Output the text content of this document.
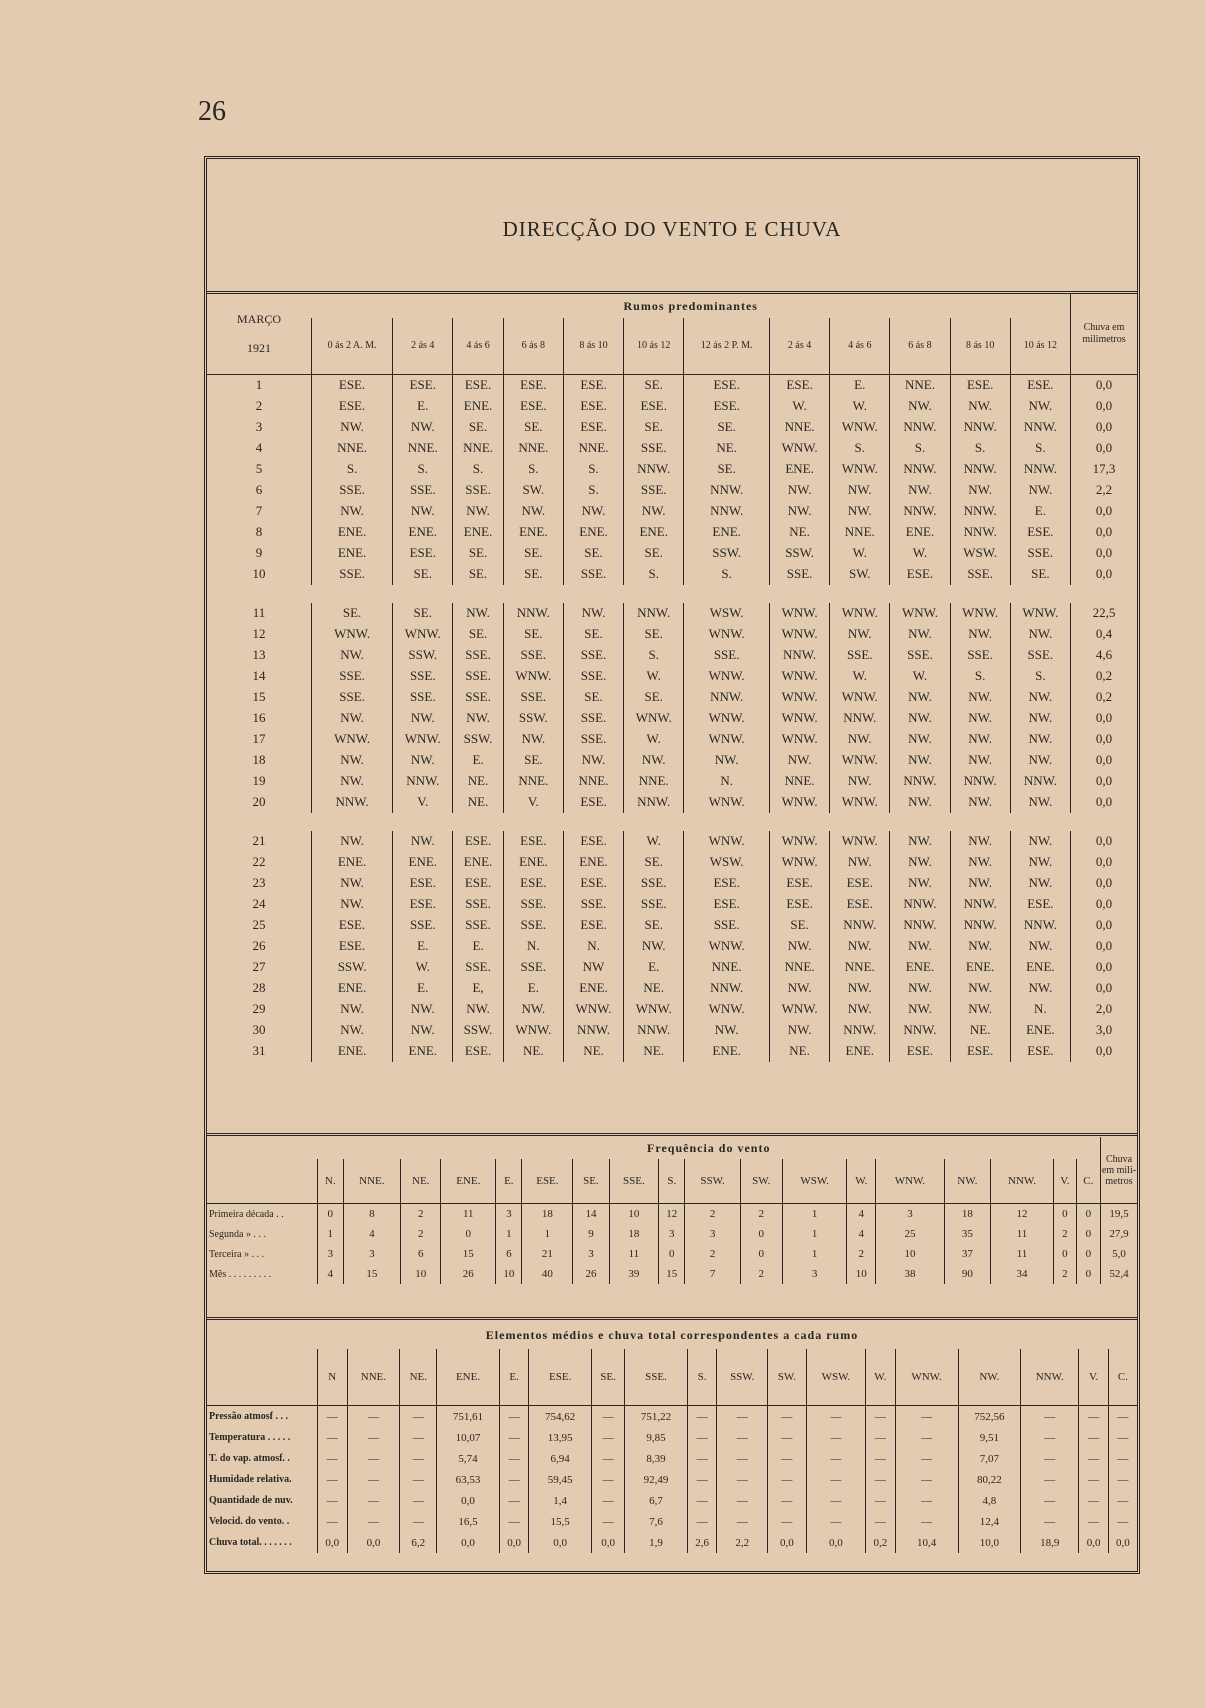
26
DIRECÇÃO DO VENTO E CHUVA
MARÇO
1921	Rumos predominantes												Chuva em milimetros
	0 ás 2 A. M.	2 ás 4	4 ás 6	6 ás 8	8 ás 10	10 ás 12	12 ás 2 P. M.	2 ás 4	4 ás 6	6 ás 8	8 ás 10	10 ás 12	
1	ESE.	ESE.	ESE.	ESE.	ESE.	SE.	ESE.	ESE.	E.	NNE.	ESE.	ESE.	0,0
2	ESE.	E.	ENE.	ESE.	ESE.	ESE.	ESE.	W.	W.	NW.	NW.	NW.	0,0
3	NW.	NW.	SE.	SE.	ESE.	SE.	SE.	NNE.	WNW.	NNW.	NNW.	NNW.	0,0
4	NNE.	NNE.	NNE.	NNE.	NNE.	SSE.	NE.	WNW.	S.	S.	S.	S.	0,0
5	S.	S.	S.	S.	S.	NNW.	SE.	ENE.	WNW.	NNW.	NNW.	NNW.	17,3
6	SSE.	SSE.	SSE.	SW.	S.	SSE.	NNW.	NW.	NW.	NW.	NW.	NW.	2,2
7	NW.	NW.	NW.	NW.	NW.	NW.	NNW.	NW.	NW.	NNW.	NNW.	E.	0,0
8	ENE.	ENE.	ENE.	ENE.	ENE.	ENE.	ENE.	NE.	NNE.	ENE.	NNW.	ESE.	0,0
9	ENE.	ESE.	SE.	SE.	SE.	SE.	SSW.	SSW.	W.	W.	WSW.	SSE.	0,0
10	SSE.	SE.	SE.	SE.	SSE.	S.	S.	SSE.	SW.	ESE.	SSE.	SE.	0,0

11	SE.	SE.	NW.	NNW.	NW.	NNW.	WSW.	WNW.	WNW.	WNW.	WNW.	WNW.	22,5
12	WNW.	WNW.	SE.	SE.	SE.	SE.	WNW.	WNW.	NW.	NW.	NW.	NW.	0,4
13	NW.	SSW.	SSE.	SSE.	SSE.	S.	SSE.	NNW.	SSE.	SSE.	SSE.	SSE.	4,6
14	SSE.	SSE.	SSE.	WNW.	SSE.	W.	WNW.	WNW.	W.	W.	S.	S.	0,2
15	SSE.	SSE.	SSE.	SSE.	SE.	SE.	NNW.	WNW.	WNW.	NW.	NW.	NW.	0,2
16	NW.	NW.	NW.	SSW.	SSE.	WNW.	WNW.	WNW.	NNW.	NW.	NW.	NW.	0,0
17	WNW.	WNW.	SSW.	NW.	SSE.	W.	WNW.	WNW.	NW.	NW.	NW.	NW.	0,0
18	NW.	NW.	E.	SE.	NW.	NW.	NW.	NW.	WNW.	NW.	NW.	NW.	0,0
19	NW.	NNW.	NE.	NNE.	NNE.	NNE.	N.	NNE.	NW.	NNW.	NNW.	NNW.	0,0
20	NNW.	V.	NE.	V.	ESE.	NNW.	WNW.	WNW.	WNW.	NW.	NW.	NW.	0,0

21	NW.	NW.	ESE.	ESE.	ESE.	W.	WNW.	WNW.	WNW.	NW.	NW.	NW.	0,0
22	ENE.	ENE.	ENE.	ENE.	ENE.	SE.	WSW.	WNW.	NW.	NW.	NW.	NW.	0,0
23	NW.	ESE.	ESE.	ESE.	ESE.	SSE.	ESE.	ESE.	ESE.	NW.	NW.	NW.	0,0
24	NW.	ESE.	SSE.	SSE.	SSE.	SSE.	ESE.	ESE.	ESE.	NNW.	NNW.	ESE.	0,0
25	ESE.	SSE.	SSE.	SSE.	ESE.	SE.	SSE.	SE.	NNW.	NNW.	NNW.	NNW.	0,0
26	ESE.	E.	E.	N.	N.	NW.	WNW.	NW.	NW.	NW.	NW.	NW.	0,0
27	SSW.	W.	SSE.	SSE.	NW	E.	NNE.	NNE.	NNE.	ENE.	ENE.	ENE.	0,0
28	ENE.	E.	E,	E.	ENE.	NE.	NNW.	NW.	NW.	NW.	NW.	NW.	0,0
29	NW.	NW.	NW.	NW.	WNW.	WNW.	WNW.	WNW.	NW.	NW.	NW.	N.	2,0
30	NW.	NW.	SSW.	WNW.	NNW.	NNW.	NW.	NW.	NNW.	NNW.	NE.	ENE.	3,0
31	ENE.	ENE.	ESE.	NE.	NE.	NE.	ENE.	NE.	ENE.	ESE.	ESE.	ESE.	0,0
	Frequência do vento																		Chuva em mili- metros
	N.	NNE.	NE.	ENE.	E.	ESE.	SE.	SSE.	S.	SSW.	SW.	WSW.	W.	WNW.	NW.	NNW.	V.	C.	
Primeira década . .	0	8	2	11	3	18	14	10	12	2	2	1	4	3	18	12	0	0	19,5
Segunda » . . .	1	4	2	0	1	1	9	18	3	3	0	1	4	25	35	11	2	0	27,9
Terceira » . . .	3	3	6	15	6	21	3	11	0	2	0	1	2	10	37	11	0	0	5,0
Mês . . . . . . . . .	4	15	10	26	10	40	26	39	15	7	2	3	10	38	90	34	2	0	52,4
Elementos médios e chuva total correspondentes a cada rumo																		
	N	NNE.	NE.	ENE.	E.	ESE.	SE.	SSE.	S.	SSW.	SW.	WSW.	W.	WNW.	NW.	NNW.	V.	C.
Pressão atmosf . . .	—	—	—	751,61	—	754,62	—	751,22	—	—	—	—	—	—	752,56	—	—	—
Temperatura . . . . .	—	—	—	10,07	—	13,95	—	9,85	—	—	—	—	—	—	9,51	—	—	—
T. do vap. atmosf. .	—	—	—	5,74	—	6,94	—	8,39	—	—	—	—	—	—	7,07	—	—	—
Humidade relativa.	—	—	—	63,53	—	59,45	—	92,49	—	—	—	—	—	—	80,22	—	—	—
Quantidade de nuv.	—	—	—	0,0	—	1,4	—	6,7	—	—	—	—	—	—	4,8	—	—	—
Velocid. do vento. .	—	—	—	16,5	—	15,5	—	7,6	—	—	—	—	—	—	12,4	—	—	—
Chuva total. . . . . . .	0,0	0,0	6,2	0,0	0,0	0,0	0,0	1,9	2,6	2,2	0,0	0,0	0,2	10,4	10,0	18,9	0,0	0,0
